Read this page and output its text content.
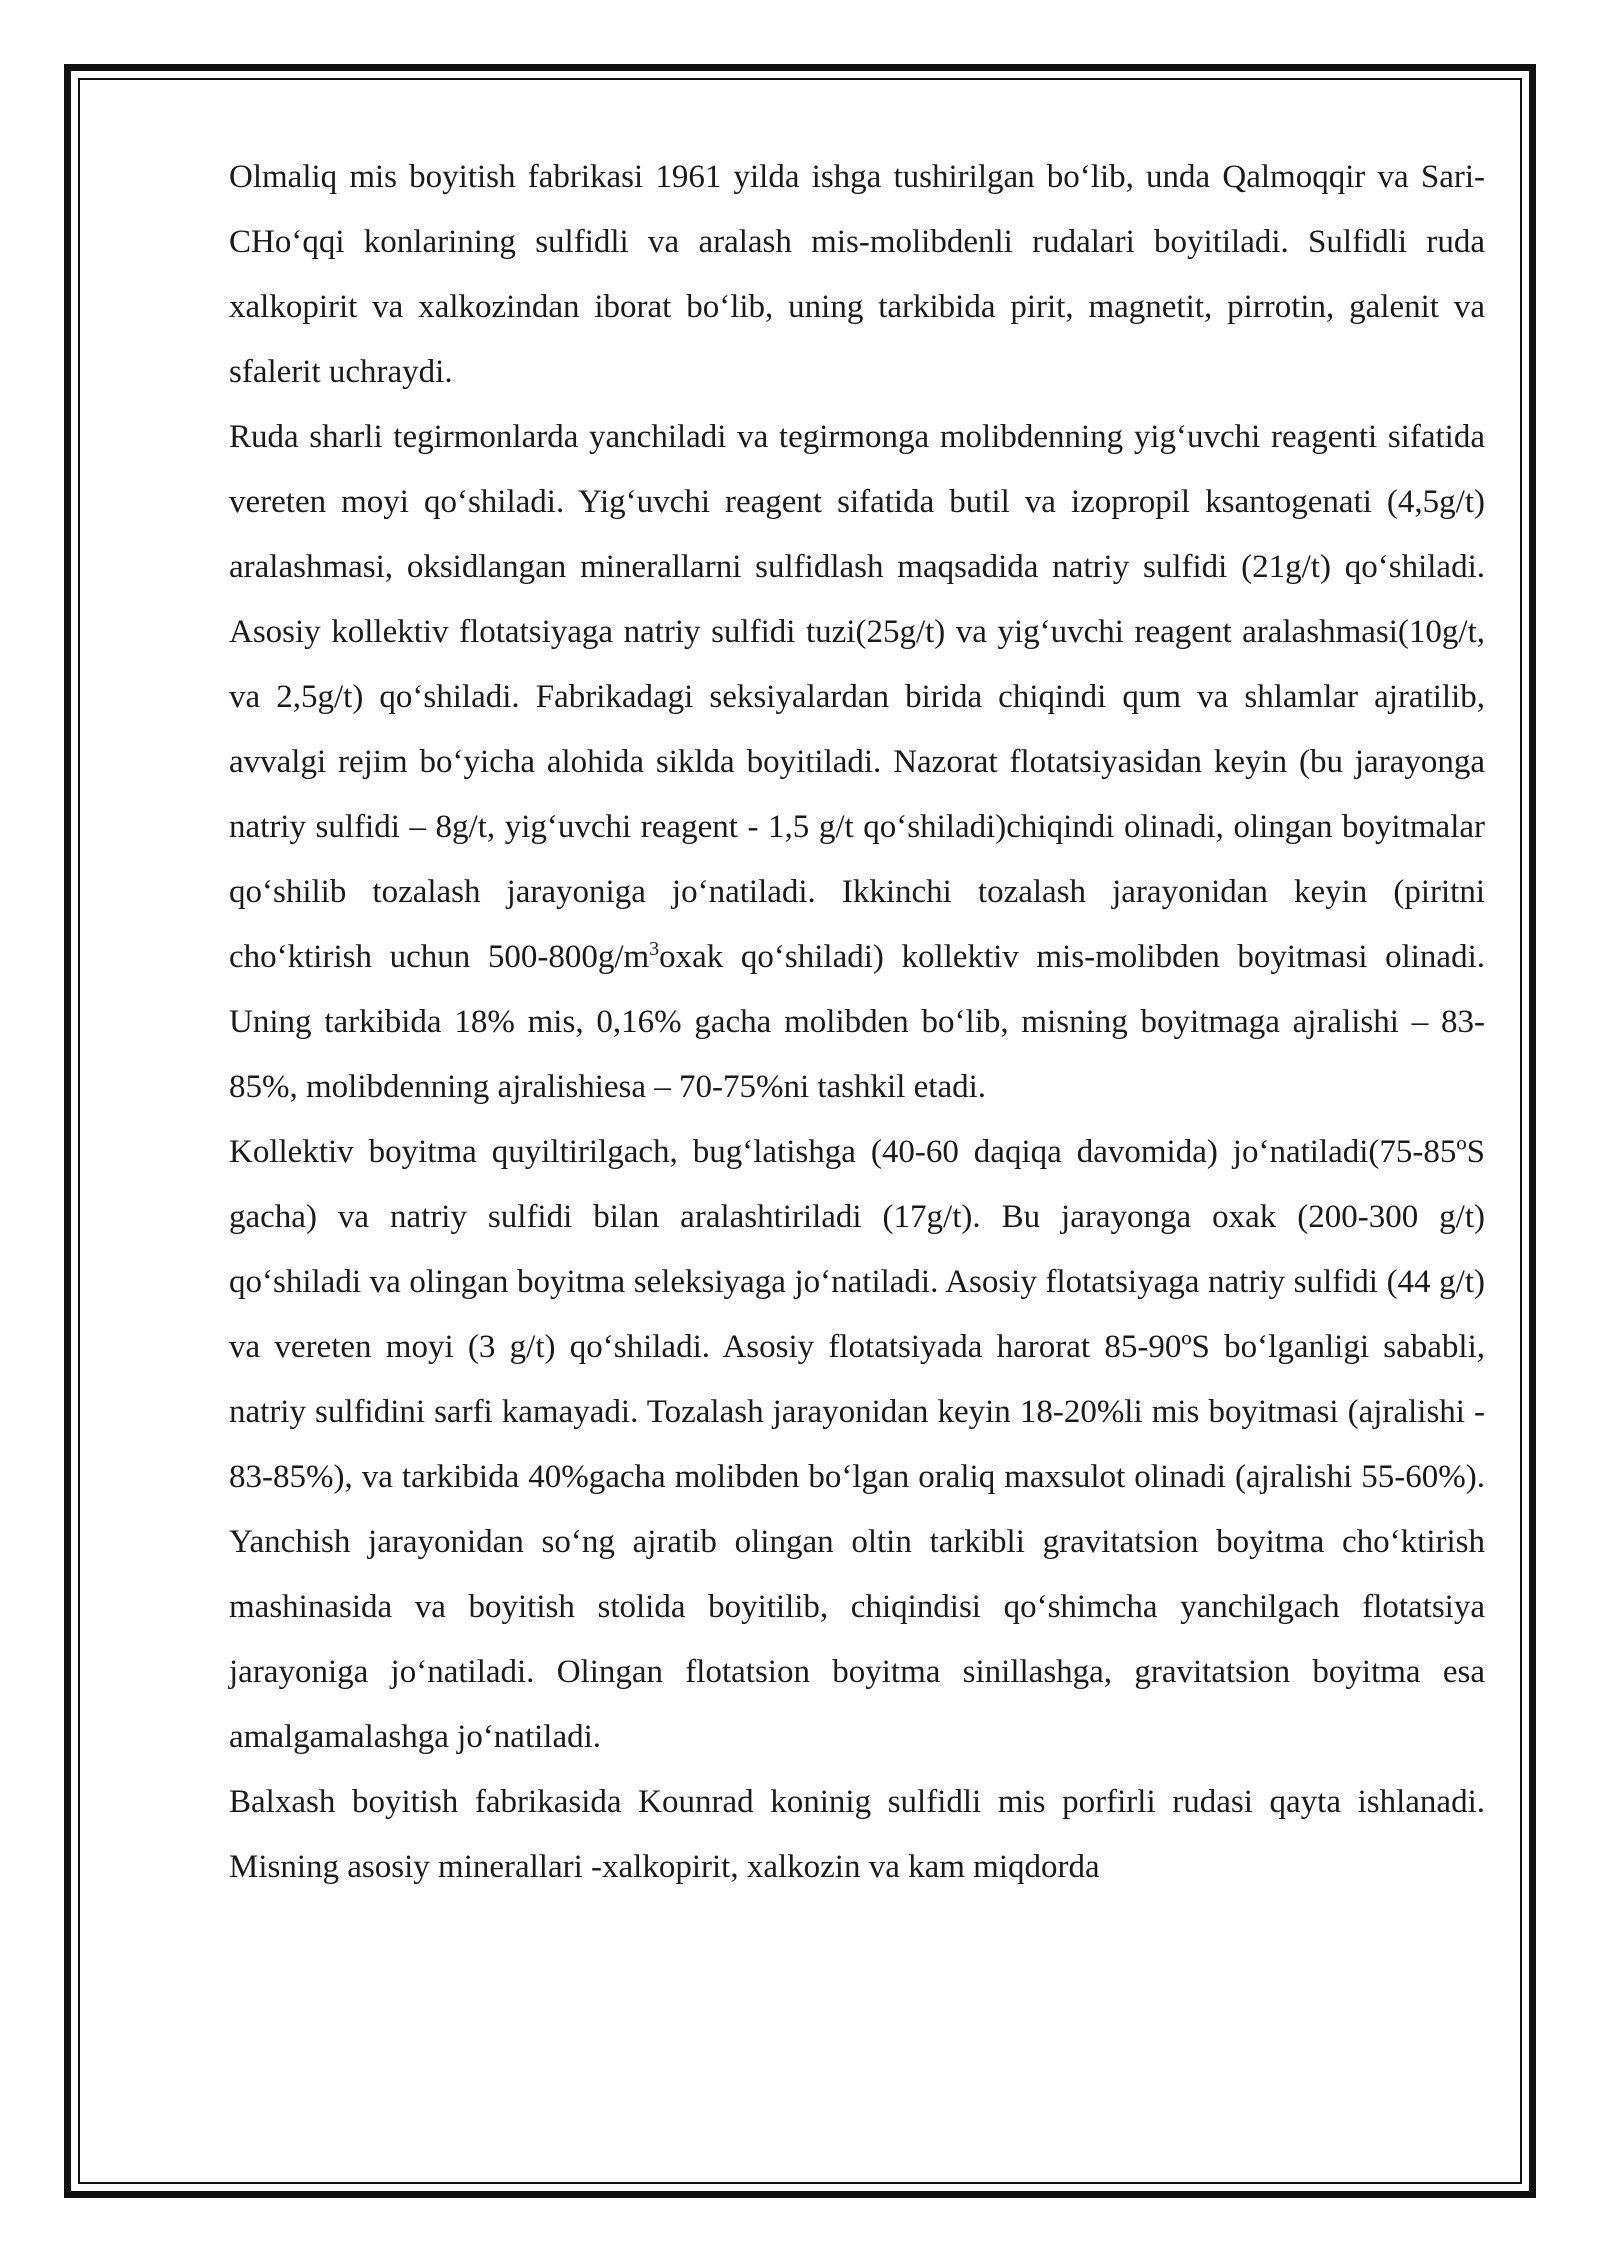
Olmaliq mis boyitish fabrikasi 1961 yilda ishga tushirilgan boʻlib, unda Qalmoqqir va Sari-CHoʻqqi konlarining sulfidli va aralash mis-molibdenli rudalari boyitiladi. Sulfidli ruda xalkopirit va xalkozindan iborat boʻlib, uning tarkibida pirit, magnetit, pirrotin, galenit va sfalerit uchraydi.

Ruda sharli tegirmonlarda yanchiladi va tegirmonga molibdenning yigʻuvchi reagenti sifatida vereten moyi qoʻshiladi. Yigʻuvchi reagent sifatida butil va izopropil ksantogenati (4,5g/t) aralashmasi, oksidlangan minerallarni sulfidlash maqsadida natriy sulfidi (21g/t) qoʻshiladi. Asosiy kollektiv flotatsiyaga natriy sulfidi tuzi(25g/t) va yigʻuvchi reagent aralashmasi(10g/t, va 2,5g/t) qoʻshiladi. Fabrikadagi seksiyalardan birida chiqindi qum va shlamlar ajratilib, avvalgi rejim boʻyicha alohida siklda boyitiladi. Nazorat flotatsiyasidan keyin (bu jarayonga natriy sulfidi – 8g/t, yigʻuvchi reagent - 1,5 g/t qoʻshiladi)chiqindi olinadi, olingan boyitmalar qoʻshilib tozalash jarayoniga joʻnatiladi. Ikkinchi tozalash jarayonidan keyin (piritni choʻktirish uchun $500-800g/m^3oxak$ qoʻshiladi) kollektiv mis-molibden boyitmasi olinadi. Uning tarkibida 18% mis, 0,16% gacha molibden boʻlib, misning boyitmaga ajralishi – 83-85%, molibdenning ajralishiesa – 70-75%ni tashkil etadi.

Kollektiv boyitma quyiltirilgach, bugʻlatishga (40-60 daqiqa davomida) joʻnatiladi(75-85ºS gacha) va natriy sulfidi bilan aralashtiriladi (17g/t). Bu jarayonga oxak (200-300 g/t) qoʻshiladi va olingan boyitma seleksiyaga joʻnatiladi. Asosiy flotatsiyaga natriy sulfidi (44 g/t) va vereten moyi (3 g/t) qoʻshiladi. Asosiy flotatsiyada harorat 85-90ºS boʻlganligi sababli, natriy sulfidini sarfi kamayadi. Tozalash jarayonidan keyin 18-20%li mis boyitmasi (ajralishi - 83-85%), va tarkibida 40%gacha molibden boʻlgan oraliq maxsulot olinadi (ajralishi 55-60%). Yanchish jarayonidan soʻng ajratib olingan oltin tarkibli gravitatsion boyitma choʻktirish mashinasida va boyitish stolida boyitilib, chiqindisi qoʻshimcha yanchilgach flotatsiya jarayoniga joʻnatiladi. Olingan flotatsion boyitma sinillashga, gravitatsion boyitma esa amalgamalashga joʻnatiladi.

Balxash boyitish fabrikasida Kounrad koninig sulfidli mis porfirli rudasi qayta ishlanadi. Misning asosiy minerallari -xalkopirit, xalkozin va kam miqdorda
